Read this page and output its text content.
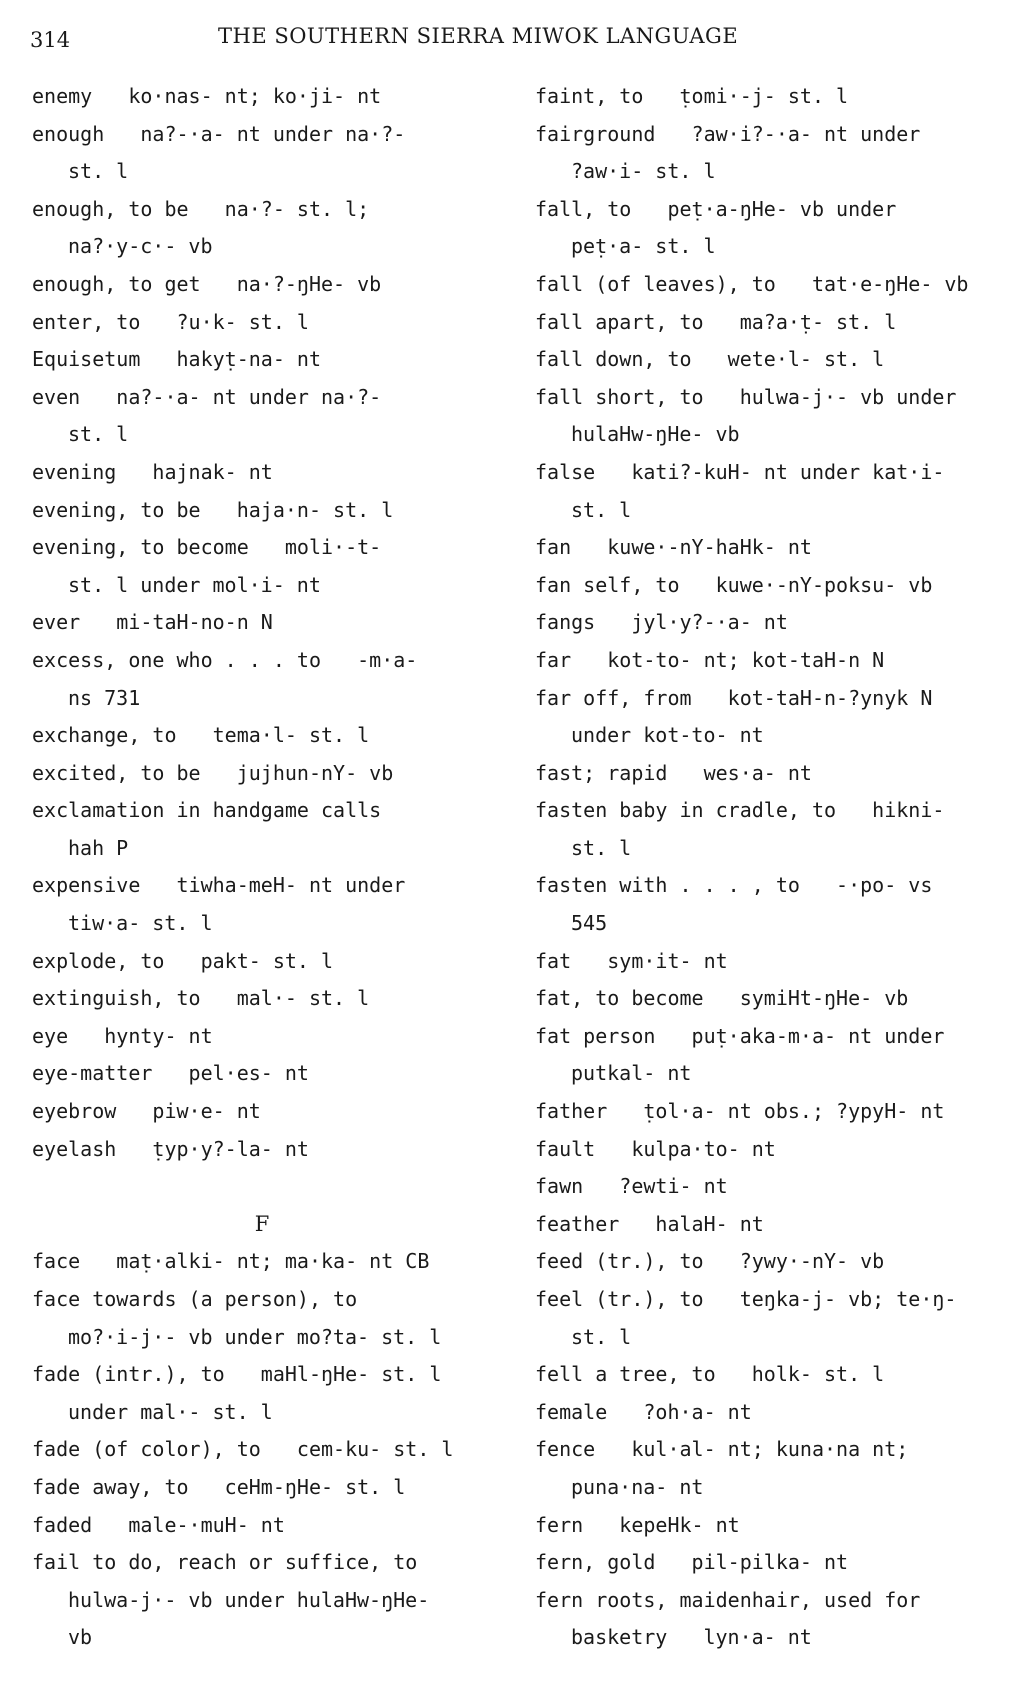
314	THE SOUTHERN SIERRA MIWOK LANGUAGE
enemy   ko·nas- nt; ko·ji- nt
enough   na?-·a- nt under na·?-
st. l
enough, to be   na·?- st. l;
na?·y-c·- vb
enough, to get   na·?-ŋHe- vb
enter, to   ?u·k- st. l
Equisetum   hakyṭ-na- nt
even   na?-·a- nt under na·?-
st. l
evening   hajnak- nt
evening, to be   haja·n- st. l
evening, to become   moli·-t-
st. l under mol·i- nt
ever   mi-taH-no-n N
excess, one who . . . to   -m·a-
ns 731
exchange, to   tema·l- st. l
excited, to be   jujhun-nY- vb
exclamation in handgame calls
hah P
expensive   tiwha-meH- nt under
tiw·a- st. l
explode, to   pakt- st. l
extinguish, to   mal·- st. l
eye   hynty- nt
eye-matter   pel·es- nt
eyebrow   piw·e- nt
eyelash   ṭyp·y?-la- nt
F
face   maṭ·alki- nt; ma·ka- nt CB
face towards (a person), to
mo?·i-j·- vb under mo?ta- st. l
fade (intr.), to   maHl-ŋHe- st. l
under mal·- st. l
fade (of color), to   cem-ku- st. l
fade away, to   ceHm-ŋHe- st. l
faded   male-·muH- nt
fail to do, reach or suffice, to
hulwa-j·- vb under hulaHw-ŋHe-
vb
faint, to   ṭomi·-j- st. l
fairground   ?aw·i?-·a- nt under
?aw·i- st. l
fall, to   peṭ·a-ŋHe- vb under
peṭ·a- st. l
fall (of leaves), to   tat·e-ŋHe- vb
fall apart, to   ma?a·ṭ- st. l
fall down, to   wete·l- st. l
fall short, to   hulwa-j·- vb under
hulaHw-ŋHe- vb
false   kati?-kuH- nt under kat·i-
st. l
fan   kuwe·-nY-haHk- nt
fan self, to   kuwe·-nY-poksu- vb
fangs   jyl·y?-·a- nt
far   kot-to- nt; kot-taH-n N
far off, from   kot-taH-n-?ynyk N
under kot-to- nt
fast; rapid   wes·a- nt
fasten baby in cradle, to   hikni-
st. l
fasten with . . . , to   -·po- vs
545
fat   sym·it- nt
fat, to become   symiHt-ŋHe- vb
fat person   puṭ·aka-m·a- nt under
putkal- nt
father   ṭol·a- nt obs.; ?ypyH- nt
fault   kulpa·to- nt
fawn   ?ewti- nt
feather   halaH- nt
feed (tr.), to   ?ywy·-nY- vb
feel (tr.), to   teŋka-j- vb; te·ŋ-
st. l
fell a tree, to   holk- st. l
female   ?oh·a- nt
fence   kul·al- nt; kuna·na nt;
puna·na- nt
fern   kepeHk- nt
fern, gold   pil-pilka- nt
fern roots, maidenhair, used for
basketry   lyn·a- nt
